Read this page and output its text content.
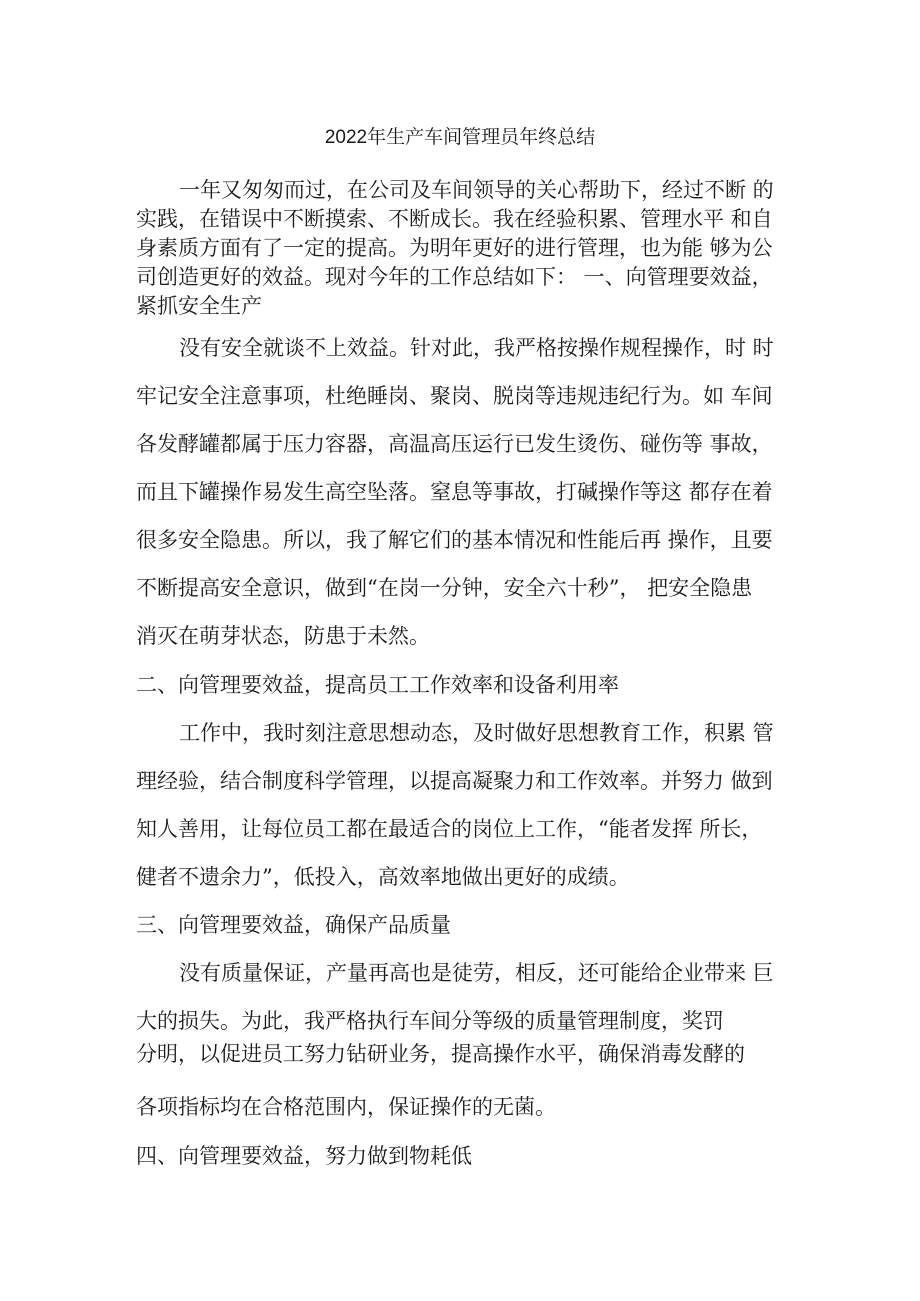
2022年生产车间管理员年终总结
一年又匆匆而过，在公司及车间领导的关心帮助下，经过不断 的
实践，在错误中不断摸索、不断成长。我在经验积累、管理水平 和自
身素质方面有了一定的提高。为明年更好的进行管理，也为能 够为公
司创造更好的效益。现对今年的工作总结如下： 一、向管理要效益，
紧抓安全生产
没有安全就谈不上效益。针对此，我严格按操作规程操作，时 时
牢记安全注意事项，杜绝睡岗、聚岗、脱岗等违规违纪行为。如 车间
各发酵罐都属于压力容器，高温高压运行已发生烫伤、碰伤等 事故，
而且下罐操作易发生高空坠落。窒息等事故，打碱操作等这 都存在着
很多安全隐患。所以，我了解它们的基本情况和性能后再 操作，且要
不断提高安全意识，做到“在岗一分钟，安全六十秒”， 把安全隐患
消灭在萌芽状态，防患于未然。
二、向管理要效益，提高员工工作效率和设备利用率
工作中，我时刻注意思想动态，及时做好思想教育工作，积累 管
理经验，结合制度科学管理，以提高凝聚力和工作效率。并努力 做到
知人善用，让每位员工都在最适合的岗位上工作，“能者发挥 所长，
健者不遗余力”，低投入，高效率地做出更好的成绩。
三、向管理要效益，确保产品质量
没有质量保证，产量再高也是徒劳，相反，还可能给企业带来 巨
大的损失。为此，我严格执行车间分等级的质量管理制度，奖罚
分明，以促进员工努力钻研业务，提高操作水平，确保消毒发酵的
各项指标均在合格范围内，保证操作的无菌。
四、向管理要效益，努力做到物耗低
